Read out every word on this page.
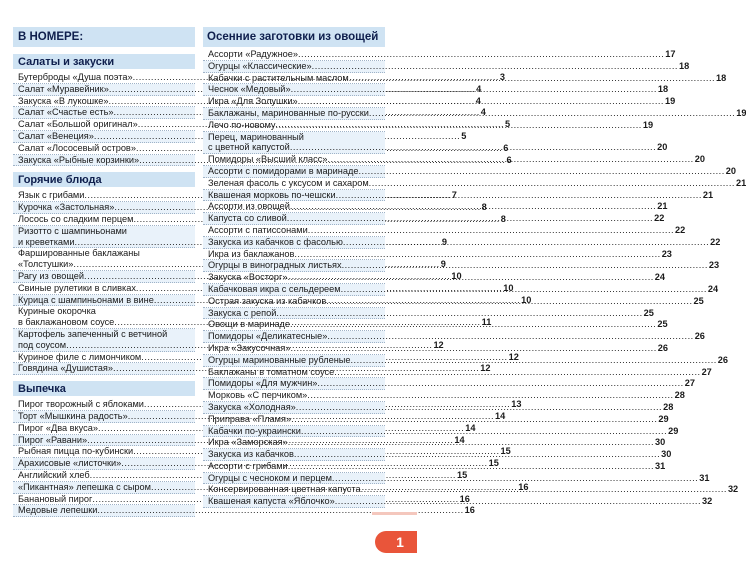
В НОМЕРЕ:
Салаты и закуски
Бутерброды «Душа поэта» .....	3
Салат «Муравейник» .....	4
Закуска «В лукошке» .....	4
Салат «Счастье есть» .....	4
Салат «Большой оригинал» .....	5
Салат «Венеция» .....	5
Салат «Лососевый остров» .....	6
Закуска «Рыбные корзинки» .....	6
Горячие блюда
Язык с грибами .....	7
Курочка «Застольная» .....	8
Лосось со сладким перцем .....	8
Ризотто с шампиньонами
и креветками .....	9
Фаршированные баклажаны
«Толстушки» .....	9
Рагу из овощей .....	10
Свиные рулетики в сливках .....	10
Курица с шампиньонами в вине .....	10
Куриные окорочка
в баклажановом соусе .....	11
Картофель запеченный с ветчиной
под соусом .....	12
Куриное филе с лимончиком .....	12
Говядина «Душистая» .....	12
Выпечка
Пирог творожный с яблоками .....	13
Торт «Мышкина радость» .....	14
Пирог «Два вкуса» .....	14
Пирог «Равани» .....	14
Рыбная пицца по-кубински .....	15
Арахисовые «листочки» .....	15
Английский хлеб .....	15
«Пикантная» лепешка с сыром .....	16
Банановый пирог .....	16
Медовые лепешки .....	16
Осенние заготовки из овощей
Ассорти «Радужное» .....	17
Огурцы «Классические» .....	18
Кабачки с растительным маслом .....	18
Чеснок «Медовый» .....	18
Икра «Для Золушки» .....	19
Баклажаны, маринованные по-русски .....	19
Лечо по-новому .....	19
Перец, маринованный
с цветной капустой .....	20
Помидоры «Высший класс» .....	20
Ассорти с помидорами в маринаде .....	20
Зеленая фасоль с уксусом и сахаром .....	21
Квашеная морковь по-чешски .....	21
Ассорти из овощей .....	21
Капуста со сливой .....	22
Ассорти с патиссонами .....	22
Закуска из кабачков с фасолью .....	22
Икра из баклажанов .....	23
Огурцы в виноградных листьях .....	23
Закуска «Восторг» .....	24
Кабачковая икра с сельдереем .....	24
Острая закуска из кабачков .....	25
Закуска с репой .....	25
Овощи в маринаде .....	25
Помидоры «Деликатесные» .....	26
Икра «Закусочная» .....	26
Огурцы маринованные рубленые .....	26
Баклажаны в томатном соусе .....	27
Помидоры «Для мужчин» .....	27
Морковь «С перчиком» .....	28
Закуска «Холодная» .....	28
Приправа «Пламя» .....	29
Кабачки по-украински .....	29
Икра «Заморская» .....	30
Закуска из кабачков .....	30
Ассорти с грибами .....	31
Огурцы с чесноком и перцем .....	31
Консервированная цветная капуста .....	32
Квашеная капуста «Яблочко» .....	32
1
